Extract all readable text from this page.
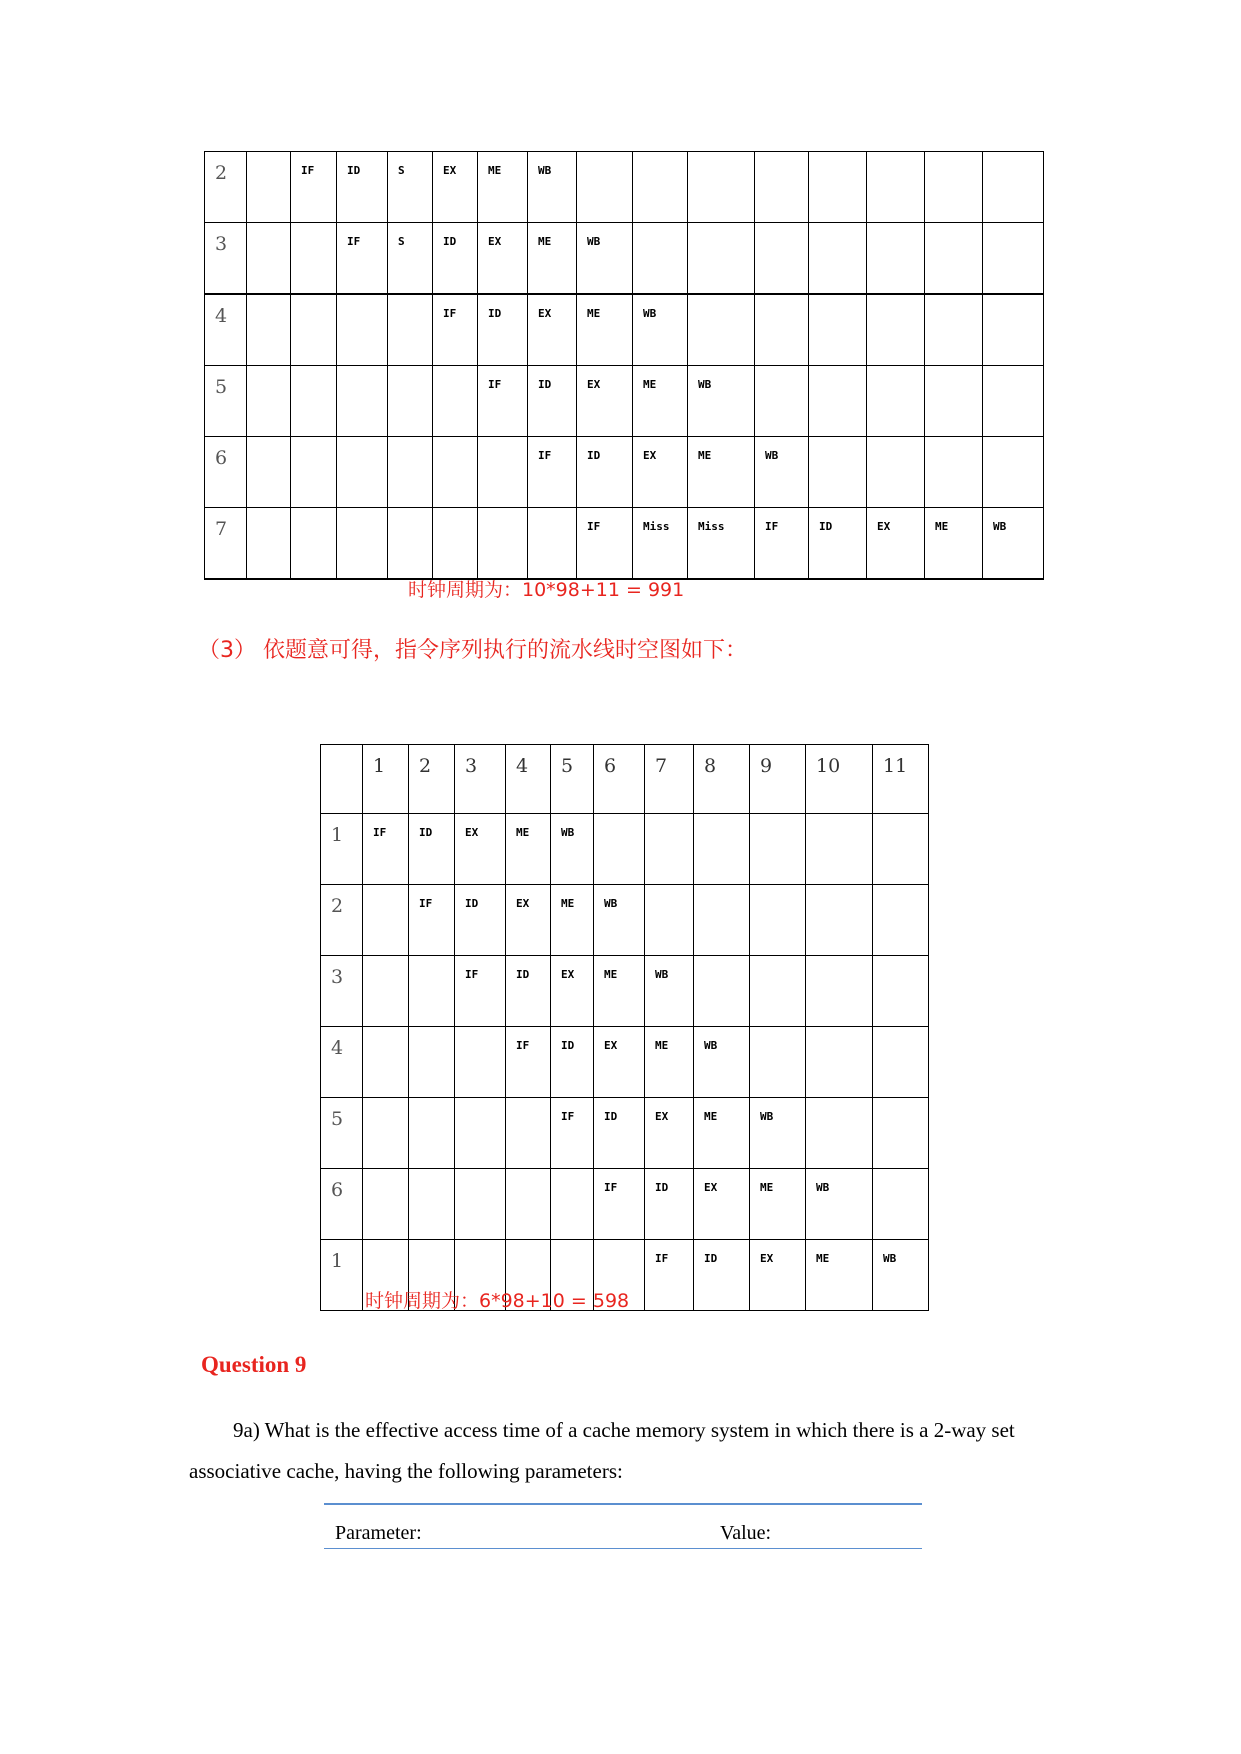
2		IF	ID	S	EX	ME	WB								
3			IF	S	ID	EX	ME	WB							
4					IF	ID	EX	ME	WB						
5						IF	ID	EX	ME	WB					
6							IF	ID	EX	ME	WB				
7								IF	Miss	Miss	IF	ID	EX	ME	WB
时钟周期为：10*98+11 = 991
（3） 依题意可得，指令序列执行的流水线时空图如下：
	1	2	3	4	5	6	7	8	9	10	11
1	IF	ID	EX	ME	WB						
2		IF	ID	EX	ME	WB					
3			IF	ID	EX	ME	WB				
4				IF	ID	EX	ME	WB			
5					IF	ID	EX	ME	WB		
6						IF	ID	EX	ME	WB	
1							IF	ID	EX	ME	WB
时钟周期为：6*98+10 = 598
Question 9
9a) What is the effective access time of a cache memory system in which there is a 2-way set
associative cache, having the following parameters:
Parameter:	Value:
